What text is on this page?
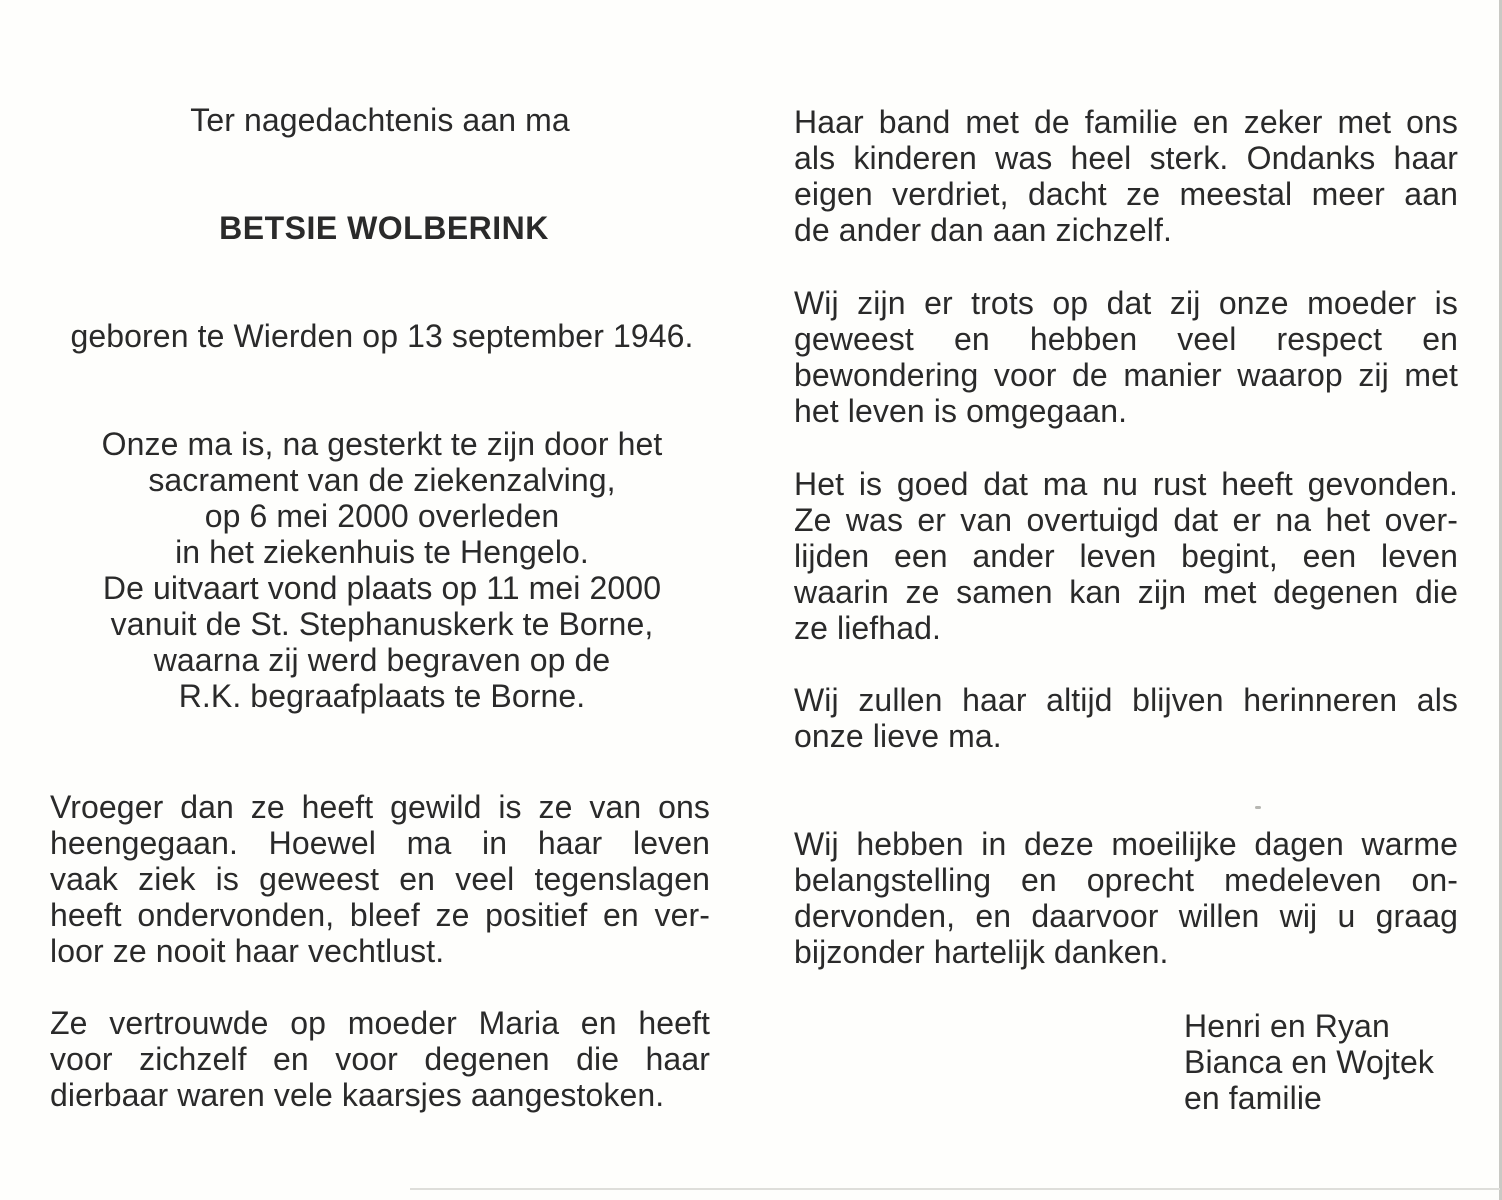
Ter nagedachtenis aan ma
BETSIE WOLBERINK
geboren te Wierden op 13 september 1946.
Onze ma is, na gesterkt te zijn door het
sacrament van de ziekenzalving,
op 6 mei 2000 overleden
in het ziekenhuis te Hengelo.
De uitvaart vond plaats op 11 mei 2000
vanuit de St. Stephanuskerk te Borne,
waarna zij werd begraven op de
R.K. begraafplaats te Borne.
Vroeger dan ze heeft gewild is ze van ons
heengegaan. Hoewel ma in haar leven
vaak ziek is geweest en veel tegenslagen
heeft ondervonden, bleef ze positief en ver-
loor ze nooit haar vechtlust.
Ze vertrouwde op moeder Maria en heeft
voor zichzelf en voor degenen die haar
dierbaar waren vele kaarsjes aangestoken.
Haar band met de familie en zeker met ons
als kinderen was heel sterk. Ondanks haar
eigen verdriet, dacht ze meestal meer aan
de ander dan aan zichzelf.
Wij zijn er trots op dat zij onze moeder is
geweest en hebben veel respect en
bewondering voor de manier waarop zij met
het leven is omgegaan.
Het is goed dat ma nu rust heeft gevonden.
Ze was er van overtuigd dat er na het over-
lijden een ander leven begint, een leven
waarin ze samen kan zijn met degenen die
ze liefhad.
Wij zullen haar altijd blijven herinneren als
onze lieve ma.
Wij hebben in deze moeilijke dagen warme
belangstelling en oprecht medeleven on-
dervonden, en daarvoor willen wij u graag
bijzonder hartelijk danken.
Henri en Ryan
Bianca en Wojtek
en familie
